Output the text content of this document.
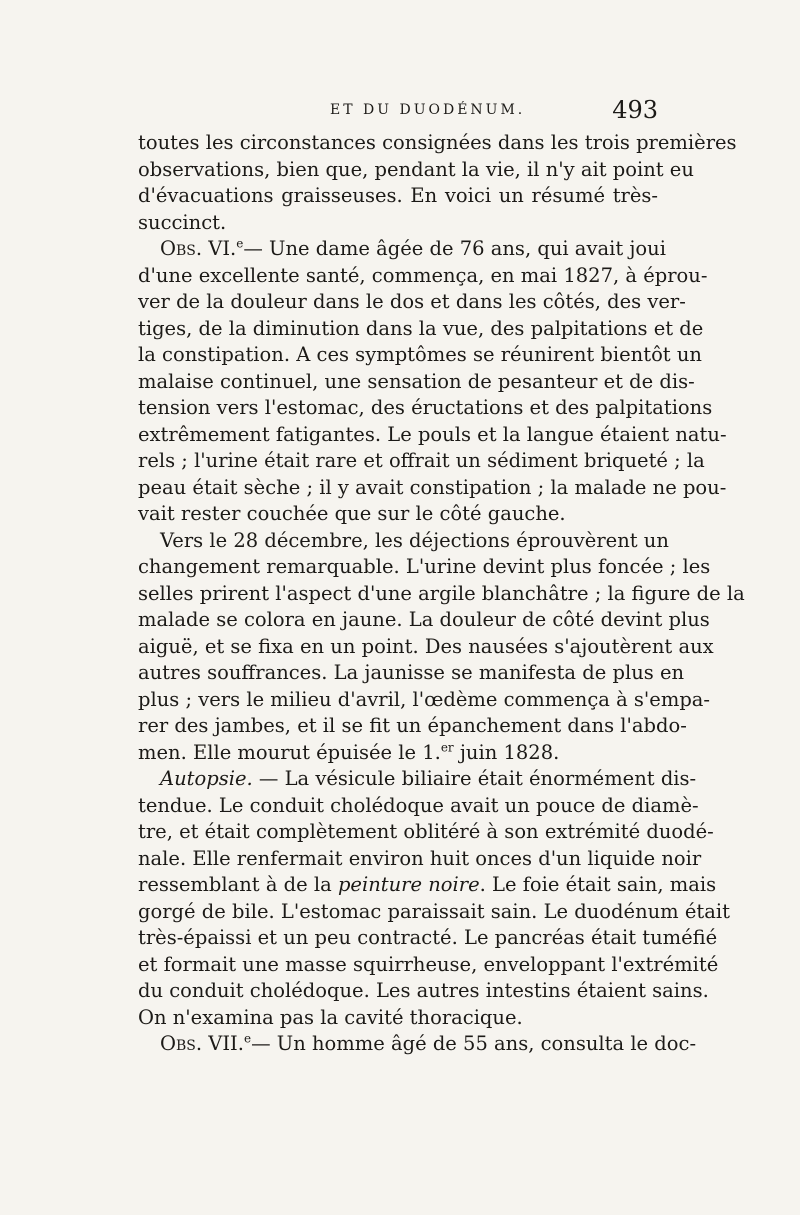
ET DU DUODÉNUM.	493
toutes les circonstances consignées dans les trois premières
observations, bien que, pendant la vie, il n'y ait point eu
d'évacuations graisseuses. En voici un résumé très-
succinct.
Obs. VI.$^e$— Une dame âgée de 76 ans, qui avait joui
d'une excellente santé, commença, en mai 1827, à éprou-
ver de la douleur dans le dos et dans les côtés, des ver-
tiges, de la diminution dans la vue, des palpitations et de
la constipation. A ces symptômes se réunirent bientôt un
malaise continuel, une sensation de pesanteur et de dis-
tension vers l'estomac, des éructations et des palpitations
extrêmement fatigantes. Le pouls et la langue étaient natu-
rels ; l'urine était rare et offrait un sédiment briqueté ; la
peau était sèche ; il y avait constipation ; la malade ne pou-
vait rester couchée que sur le côté gauche.
Vers le 28 décembre, les déjections éprouvèrent un
changement remarquable. L'urine devint plus foncée ; les
selles prirent l'aspect d'une argile blanchâtre ; la figure de la
malade se colora en jaune. La douleur de côté devint plus
aiguë, et se fixa en un point. Des nausées s'ajoutèrent aux
autres souffrances. La jaunisse se manifesta de plus en
plus ; vers le milieu d'avril, l'œdème commença à s'empa-
rer des jambes, et il se fit un épanchement dans l'abdo-
men. Elle mourut épuisée le 1.$^{er}$ juin 1828.
Autopsie. — La vésicule biliaire était énormément dis-
tendue. Le conduit cholédoque avait un pouce de diamè-
tre, et était complètement oblitéré à son extrémité duodé-
nale. Elle renfermait environ huit onces d'un liquide noir
ressemblant à de la peinture noire. Le foie était sain, mais
gorgé de bile. L'estomac paraissait sain. Le duodénum était
très-épaissi et un peu contracté. Le pancréas était tuméfié
et formait une masse squirrheuse, enveloppant l'extrémité
du conduit cholédoque. Les autres intestins étaient sains.
On n'examina pas la cavité thoracique.
Obs. VII.$^e$— Un homme âgé de 55 ans, consulta le doc-
